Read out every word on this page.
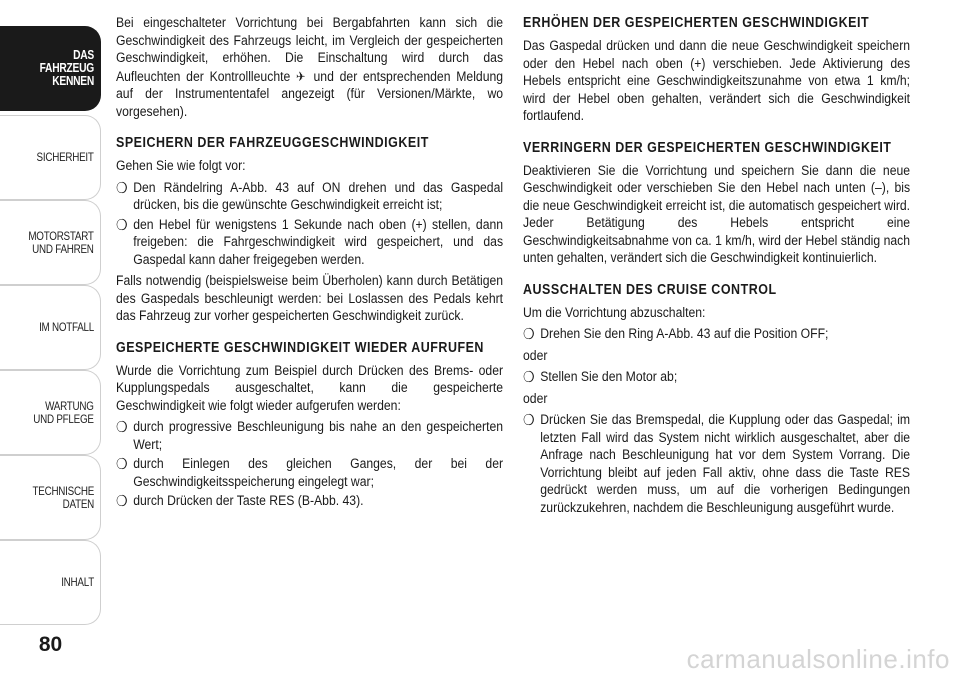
DAS FAHRZEUG
KENNEN
SICHERHEIT
MOTORSTART
UND FAHREN
IM NOTFALL
WARTUNG
UND PFLEGE
TECHNISCHE
DATEN
INHALT
80

Bei eingeschalteter Vorrichtung bei Bergabfahrten kann sich die Geschwindigkeit des Fahrzeugs leicht, im Vergleich der gespeicherten Geschwindigkeit, erhöhen. Die Einschaltung wird durch das Aufleuchten der Kontrollleuchte ✈ und der entsprechenden Meldung auf der Instrumententafel angezeigt (für Versionen/Märkte, wo vorgesehen).

SPEICHERN DER FAHRZEUGGESCHWINDIGKEIT

Gehen Sie wie folgt vor:

❍ Den Rändelring A-Abb. 43 auf ON drehen und das Gaspedal drücken, bis die gewünschte Geschwindigkeit erreicht ist;
❍ den Hebel für wenigstens 1 Sekunde nach oben (+) stellen, dann freigeben: die Fahrgeschwindigkeit wird gespeichert, und das Gaspedal kann daher freigegeben werden.

Falls notwendig (beispielsweise beim Überholen) kann durch Betätigen des Gaspedals beschleunigt werden: bei Loslassen des Pedals kehrt das Fahrzeug zur vorher gespeicherten Geschwindigkeit zurück.

GESPEICHERTE GESCHWINDIGKEIT WIEDER AUFRUFEN

Wurde die Vorrichtung zum Beispiel durch Drücken des Brems- oder Kupplungspedals ausgeschaltet, kann die gespeicherte Geschwindigkeit wie folgt wieder aufgerufen werden:

❍ durch progressive Beschleunigung bis nahe an den gespeicherten Wert;
❍ durch Einlegen des gleichen Ganges, der bei der Geschwindigkeitsspeicherung eingelegt war;
❍ durch Drücken der Taste RES (B-Abb. 43).
ERHÖHEN DER GESPEICHERTEN GESCHWINDIGKEIT

Das Gaspedal drücken und dann die neue Geschwindigkeit speichern oder den Hebel nach oben (+) verschieben. Jede Aktivierung des Hebels entspricht eine Geschwindigkeitszunahme von etwa 1 km/h; wird der Hebel oben gehalten, verändert sich die Geschwindigkeit fortlaufend.

VERRINGERN DER GESPEICHERTEN GESCHWINDIGKEIT

Deaktivieren Sie die Vorrichtung und speichern Sie dann die neue Geschwindigkeit oder verschieben Sie den Hebel nach unten (–), bis die neue Geschwindigkeit erreicht ist, die automatisch gespeichert wird. Jeder Betätigung des Hebels entspricht eine Geschwindigkeitsabnahme von ca. 1 km/h, wird der Hebel ständig nach unten gehalten, verändert sich die Geschwindigkeit kontinuierlich.

AUSSCHALTEN DES CRUISE CONTROL

Um die Vorrichtung abzuschalten:

❍ Drehen Sie den Ring A-Abb. 43 auf die Position OFF;

oder

❍ Stellen Sie den Motor ab;

oder

❍ Drücken Sie das Bremspedal, die Kupplung oder das Gaspedal; im letzten Fall wird das System nicht wirklich ausgeschaltet, aber die Anfrage nach Beschleunigung hat vor dem System Vorrang. Die Vorrichtung bleibt auf jeden Fall aktiv, ohne dass die Taste RES gedrückt werden muss, um auf die vorherigen Bedingungen zurückzukehren, nachdem die Beschleunigung ausgeführt wurde.
carmanualsonline.info
